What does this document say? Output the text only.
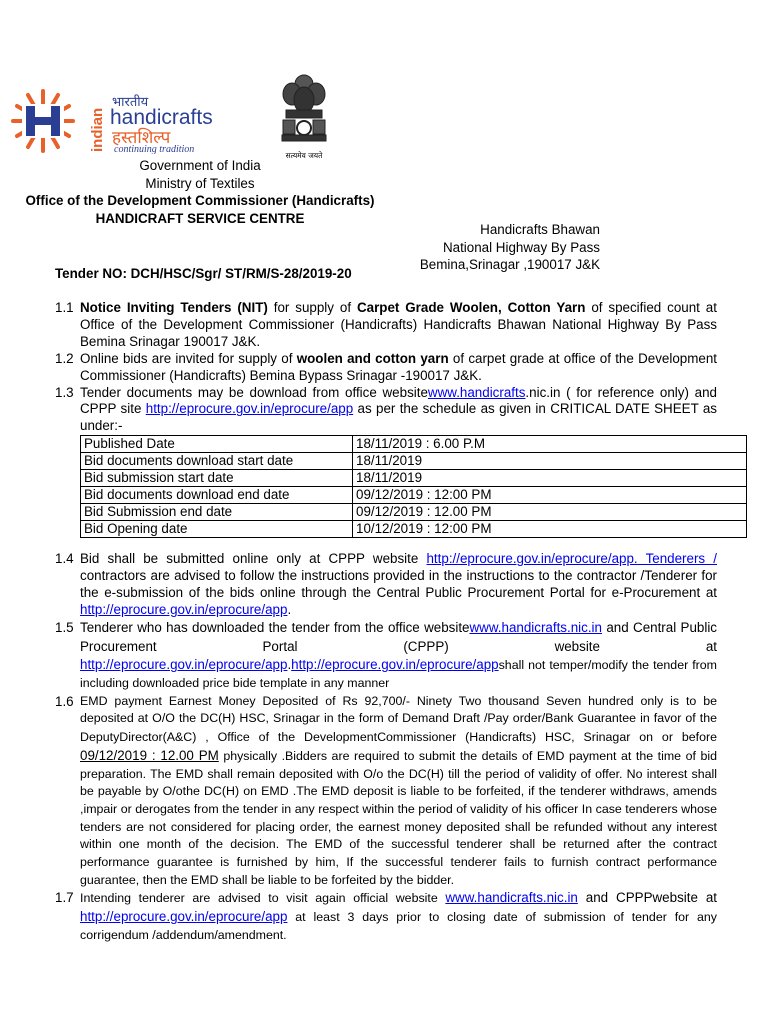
indian
भारतीय
handicrafts
हस्तशिल्प
continuing tradition
सत्यमेव जयते
Government of India
Ministry of Textiles
Office of the Development Commissioner (Handicrafts)
HANDICRAFT SERVICE CENTRE
Handicrafts Bhawan
National Highway By Pass
Bemina,Srinagar ,190017 J&K
Tender NO: DCH/HSC/Sgr/ ST/RM/S-28/2019-20
1.1 Notice Inviting Tenders (NIT) for supply of Carpet Grade Woolen, Cotton Yarn of specified count at Office of the Development Commissioner (Handicrafts) Handicrafts Bhawan National Highway By Pass Bemina Srinagar 190017 J&K.
1.2 Online bids are invited for supply of woolen and cotton yarn of carpet grade at office of the Development Commissioner (Handicrafts) Bemina Bypass Srinagar -190017 J&K.
1.3 Tender documents may be download from office websitewww.handicrafts.nic.in ( for reference only) and CPPP site http://eprocure.gov.in/eprocure/app as per the schedule as given in CRITICAL DATE SHEET as under:-
Published Date	18/11/2019 : 6.00 P.M
Bid documents download start date	18/11/2019
Bid submission start date	18/11/2019
Bid documents download end date	09/12/2019 : 12:00 PM
Bid Submission end date	09/12/2019 : 12.00 PM
Bid Opening date	10/12/2019 : 12:00 PM
1.4 Bid shall be submitted online only at CPPP website http://eprocure.gov.in/eprocure/app. Tenderers / contractors are advised to follow the instructions provided in the instructions to the contractor /Tenderer for the e-submission of the bids online through the Central Public Procurement Portal for e-Procurement at http://eprocure.gov.in/eprocure/app.
1.5 Tenderer who has downloaded the tender from the office websitewww.handicrafts.nic.in and Central Public Procurement Portal (CPPP) website at http://eprocure.gov.in/eprocure/app.http://eprocure.gov.in/eprocure/appshall not temper/modify the tender from including downloaded price bide template in any manner
1.6 EMD payment Earnest Money Deposited of Rs 92,700/- Ninety Two thousand Seven hundred only is to be deposited at O/O the DC(H) HSC, Srinagar in the form of Demand Draft /Pay order/Bank Guarantee in favor of the DeputyDirector(A&C) , Office of the DevelopmentCommissioner (Handicrafts) HSC, Srinagar on or before 09/12/2019 : 12.00 PM physically .Bidders are required to submit the details of EMD payment at the time of bid preparation. The EMD shall remain deposited with O/o the DC(H) till the period of validity of offer. No interest shall be payable by O/othe DC(H) on EMD .The EMD deposit is liable to be forfeited, if the tenderer withdraws, amends ,impair or derogates from the tender in any respect within the period of validity of his officer In case tenderers whose tenders are not considered for placing order, the earnest money deposited shall be refunded without any interest within one month of the decision. The EMD of the successful tenderer shall be returned after the contract performance guarantee is furnished by him, If the successful tenderer fails to furnish contract performance guarantee, then the EMD shall be liable to be forfeited by the bidder.
1.7 Intending tenderer are advised to visit again official website www.handicrafts.nic.in and CPPPwebsite at http://eprocure.gov.in/eprocure/app at least 3 days prior to closing date of submission of tender for any corrigendum /addendum/amendment.
